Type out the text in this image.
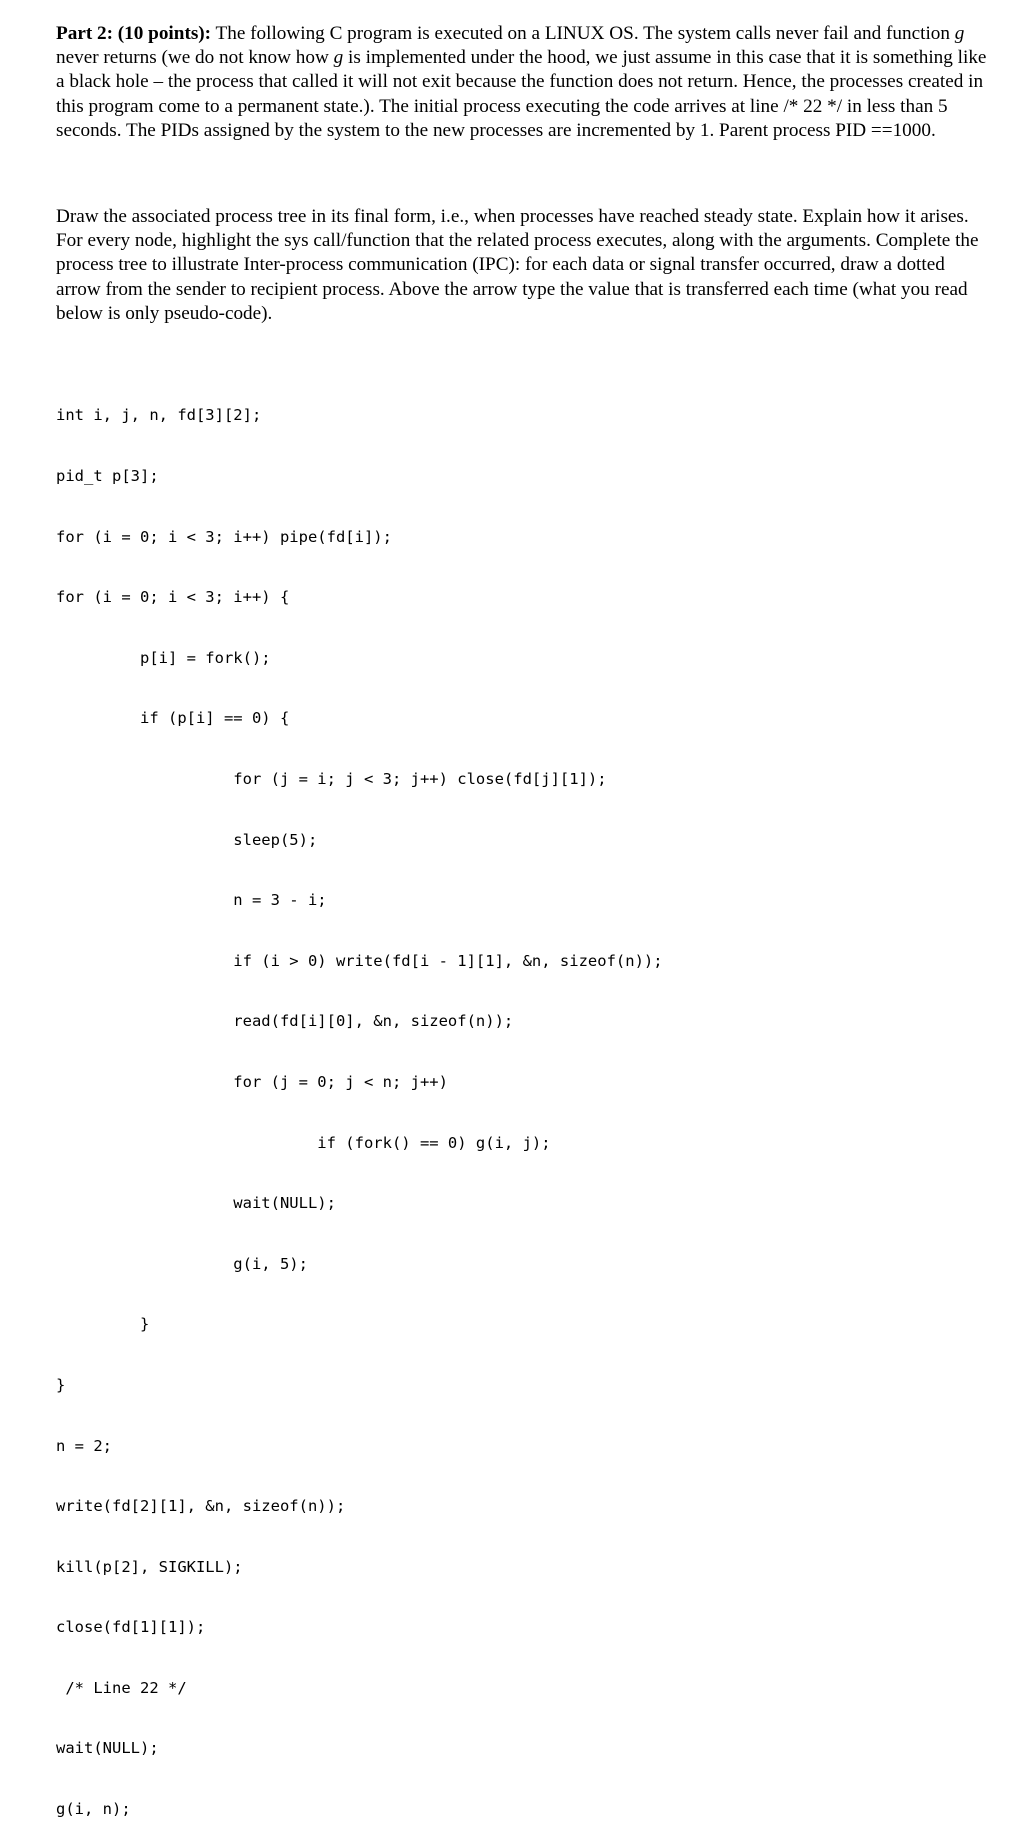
Part 2: (10 points): The following C program is executed on a LINUX OS. The system calls never fail and function g never returns (we do not know how g is implemented under the hood, we just assume in this case that it is something like a black hole – the process that called it will not exit because the function does not return. Hence, the processes created in this program come to a permanent state.). The initial process executing the code arrives at line /* 22 */ in less than 5 seconds. The PIDs assigned by the system to the new processes are incremented by 1. Parent process PID ==1000.

Draw the associated process tree in its final form, i.e., when processes have reached steady state. Explain how it arises. For every node, highlight the sys call/function that the related process executes, along with the arguments. Complete the process tree to illustrate Inter-process communication (IPC): for each data or signal transfer occurred, draw a dotted arrow from the sender to recipient process. Above the arrow type the value that is transferred each time (what you read below is only pseudo-code).

int i, j, n, fd[3][2];

pid_t p[3];

for (i = 0; i < 3; i++) pipe(fd[i]);

for (i = 0; i < 3; i++) {

p[i] = fork();

if (p[i] == 0) {

for (j = i; j < 3; j++) close(fd[j][1]);

sleep(5);

n = 3 - i;

if (i > 0) write(fd[i - 1][1], &n, sizeof(n));

read(fd[i][0], &n, sizeof(n));

for (j = 0; j < n; j++)

if (fork() == 0) g(i, j);

wait(NULL);

g(i, 5);

}

}

n = 2;

write(fd[2][1], &n, sizeof(n));

kill(p[2], SIGKILL);

close(fd[1][1]);

/* Line 22 */

wait(NULL);

g(i, n);
